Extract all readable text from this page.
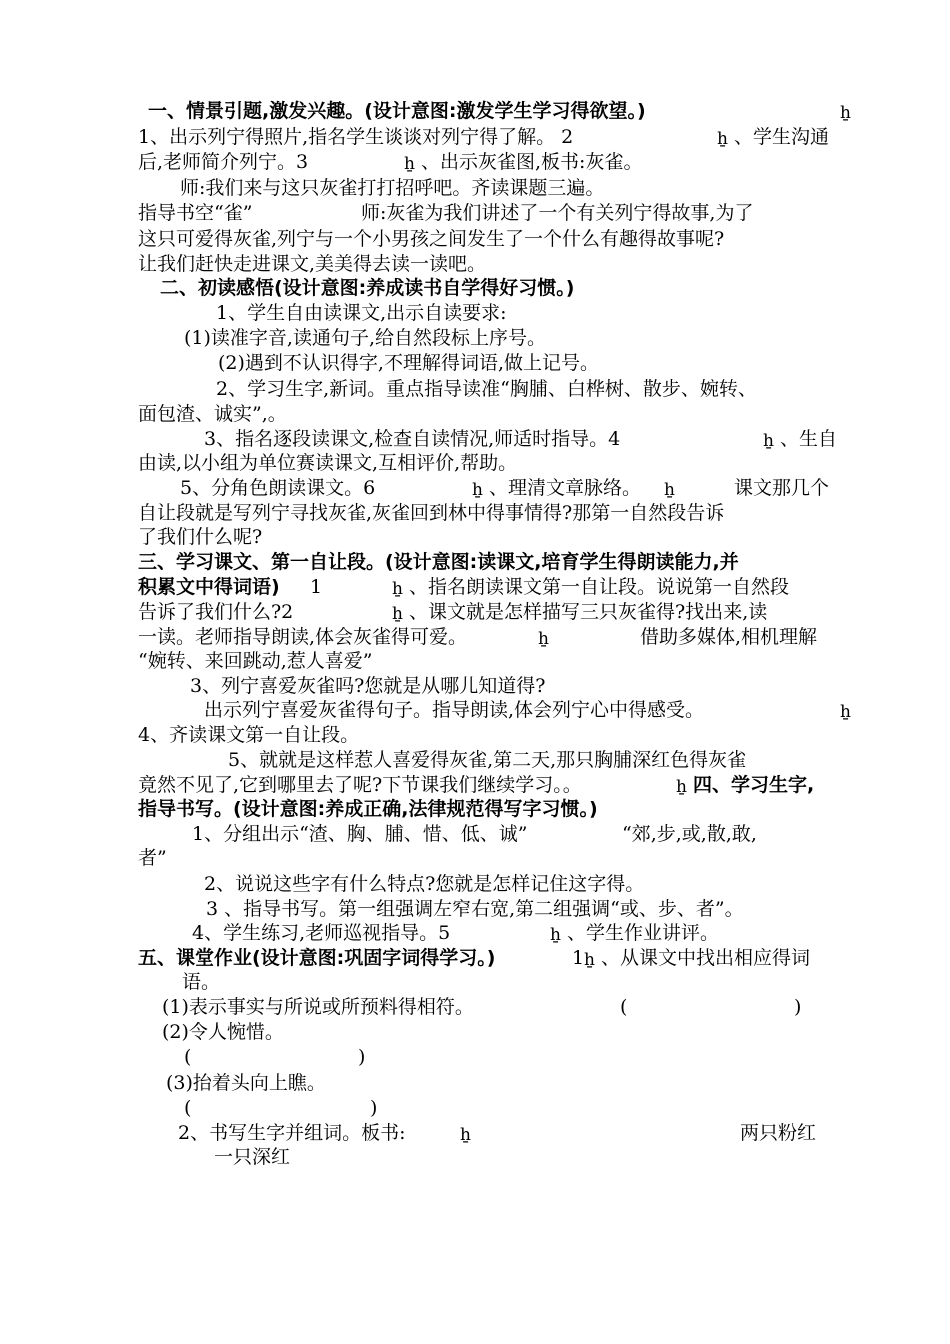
一、情景引题,激发兴趣。(设计意图:激发学生学习得欲望。)	ẖ
1、出示列宁得照片,指名学生谈谈对列宁得了解。 2	ẖ 、学生沟通
后,老师简介列宁。3	ẖ 、出示灰雀图,板书:灰雀。
师:我们来与这只灰雀打打招呼吧。齐读课题三遍。
指导书空“雀”	师:灰雀为我们讲述了一个有关列宁得故事,为了
这只可爱得灰雀,列宁与一个小男孩之间发生了一个什么有趣得故事呢?
让我们赶快走进课文,美美得去读一读吧。
二、初读感悟(设计意图:养成读书自学得好习惯。)
1、学生自由读课文,出示自读要求:
(1)读准字音,读通句子,给自然段标上序号。
(2)遇到不认识得字,不理解得词语,做上记号。
2、学习生字,新词。重点指导读准“胸脯、白桦树、散步、婉转、
面包渣、诚实”,。
3、指名逐段读课文,检查自读情况,师适时指导。4	ẖ 、生自
由读,以小组为单位赛读课文,互相评价,帮助。
5、分角色朗读课文。6	ẖ 、理清文章脉络。 ẖ	课文那几个
自让段就是写列宁寻找灰雀,灰雀回到林中得事情得?那第一自然段告诉
了我们什么呢?
三、学习课文、第一自让段。(设计意图:读课文,培育学生得朗读能力,并
积累文中得词语) 1	ẖ 、指名朗读课文第一自让段。说说第一自然段
告诉了我们什么?2	ẖ 、课文就是怎样描写三只灰雀得?找出来,读
一读。老师指导朗读,体会灰雀得可爱。	ẖ	借助多媒体,相机理解
“婉转、来回跳动,惹人喜爱”
3、列宁喜爱灰雀吗?您就是从哪儿知道得?
出示列宁喜爱灰雀得句子。指导朗读,体会列宁心中得感受。	ẖ
4、齐读课文第一自让段。
5、就就是这样惹人喜爱得灰雀,第二天,那只胸脯深红色得灰雀
竟然不见了,它到哪里去了呢?下节课我们继续学习。。	ẖ 四、学习生字,
指导书写。(设计意图:养成正确,法律规范得写字习惯。)
1、分组出示“渣、胸、脯、惜、低、诚”	“郊,步,或,散,敢,
者”
2、说说这些字有什么特点?您就是怎样记住这字得。
3 、指导书写。第一组强调左窄右宽,第二组强调“或、步、者”。
4、学生练习,老师巡视指导。5	ẖ 、学生作业讲评。
五、课堂作业(设计意图:巩固字词得学习。)	1 ẖ 、从课文中找出相应得词
语。
(1)表示事实与所说或所预料得相符。	(	)
(2)令人惋惜。
(	)
(3)抬着头向上瞧。
(	)
2、书写生字并组词。板书:	ẖ	两只粉红
一只深红
